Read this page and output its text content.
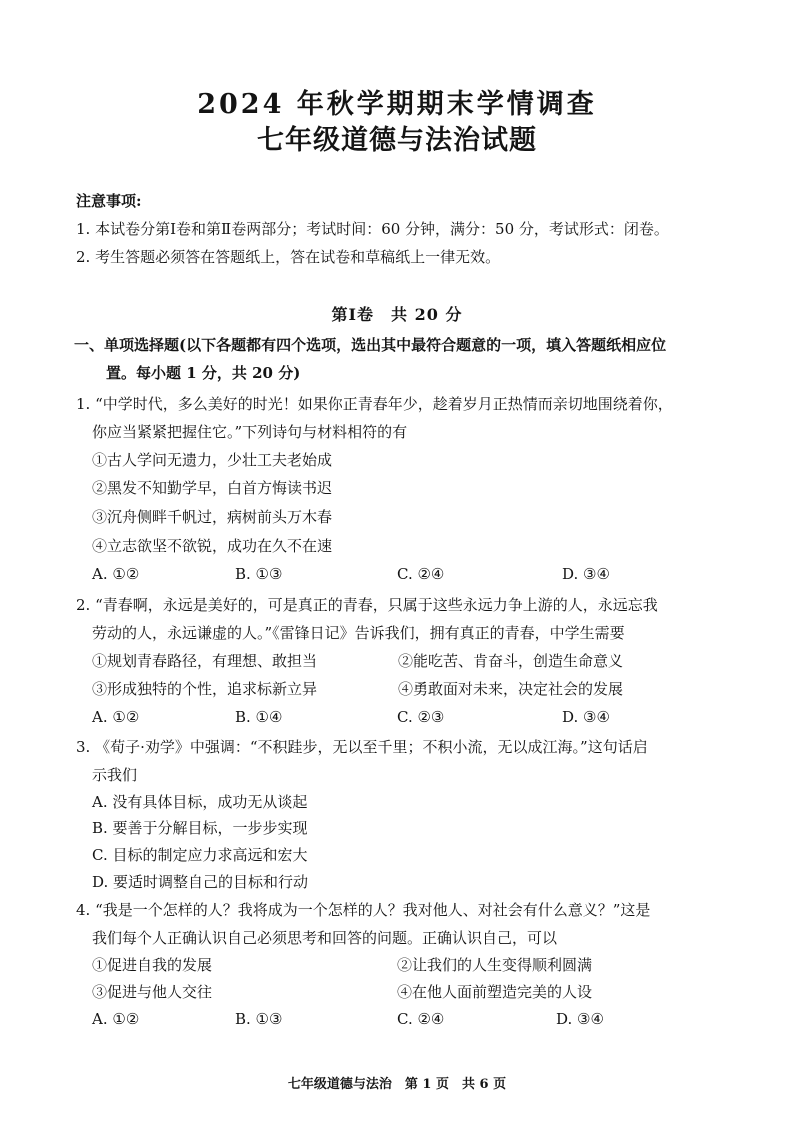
2024 年秋学期期末学情调查
七年级道德与法治试题
注意事项:
1. 本试卷分第Ⅰ卷和第Ⅱ卷两部分；考试时间：60 分钟，满分：50 分，考试形式：闭卷。
2. 考生答题必须答在答题纸上，答在试卷和草稿纸上一律无效。
第Ⅰ卷　共 20 分
一、单项选择题(以下各题都有四个选项，选出其中最符合题意的一项，填入答题纸相应位
置。每小题 1 分，共 20 分)
1. “中学时代，多么美好的时光！如果你正青春年少，趁着岁月正热情而亲切地围绕着你，
你应当紧紧把握住它。”下列诗句与材料相符的有
①古人学问无遗力，少壮工夫老始成
②黑发不知勤学早，白首方悔读书迟
③沉舟侧畔千帆过，病树前头万木春
④立志欲坚不欲锐，成功在久不在速
A. ①②	B. ①③	C. ②④	D. ③④
2. “青春啊，永远是美好的，可是真正的青春，只属于这些永远力争上游的人，永远忘我
劳动的人，永远谦虚的人。”《雷锋日记》告诉我们，拥有真正的青春，中学生需要
①规划青春路径，有理想、敢担当	②能吃苦、肯奋斗，创造生命意义
③形成独特的个性，追求标新立异	④勇敢面对未来，决定社会的发展
A. ①②	B. ①④	C. ②③	D. ③④
3. 《荀子·劝学》中强调：“不积跬步，无以至千里；不积小流，无以成江海。”这句话启
示我们
A. 没有具体目标，成功无从谈起
B. 要善于分解目标，一步步实现
C. 目标的制定应力求高远和宏大
D. 要适时调整自己的目标和行动
4. “我是一个怎样的人？我将成为一个怎样的人？我对他人、对社会有什么意义？”这是
我们每个人正确认识自己必须思考和回答的问题。正确认识自己，可以
①促进自我的发展	②让我们的人生变得顺利圆满
③促进与他人交往	④在他人面前塑造完美的人设
A. ①②	B. ①③	C. ②④	D. ③④
七年级道德与法治　第 1 页　共 6 页
